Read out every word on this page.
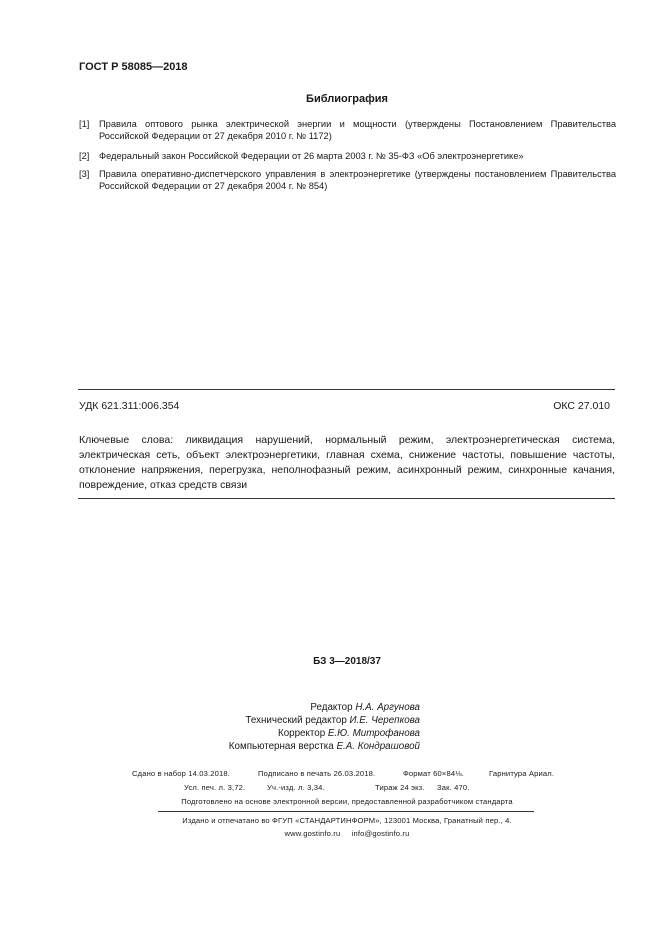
ГОСТ Р 58085—2018
Библиография
[1] Правила оптового рынка электрической энергии и мощности (утверждены Постановлением Правительства Российской Федерации от 27 декабря 2010 г. № 1172)
[2] Федеральный закон Российской Федерации от 26 марта 2003 г. № 35-ФЗ «Об электроэнергетике»
[3] Правила оперативно-диспетчерского управления в электроэнергетике (утверждены постановлением Правительства Российской Федерации от 27 декабря 2004 г. № 854)
УДК 621.311:006.354	ОКС 27.010
Ключевые слова: ликвидация нарушений, нормальный режим, электроэнергетическая система, электрическая сеть, объект электроэнергетики, главная схема, снижение частоты, повышение частоты, отклонение напряжения, перегрузка, неполнофазный режим, асинхронный режим, синхронные качания, повреждение, отказ средств связи
БЗ 3—2018/37
Редактор Н.А. Аргунова
Технический редактор И.Е. Черепкова
Корректор Е.Ю. Митрофанова
Компьютерная верстка Е.А. Кондрашовой
Сдано в набор 14.03.2018.	Подписано в печать 26.03.2018.	Формат 60×84⅛.	Гарнитура Ариал.
Усл. печ. л. 3,72.	Уч.-изд. л. 3,34.	Тираж 24 экз. Зак. 470.
Подготовлено на основе электронной версии, предоставленной разработчиком стандарта
Издано и отпечатано во ФГУП «СТАНДАРТИНФОРМ», 123001 Москва, Гранатный пер., 4.
www.gostinfo.ru info@gostinfo.ru
